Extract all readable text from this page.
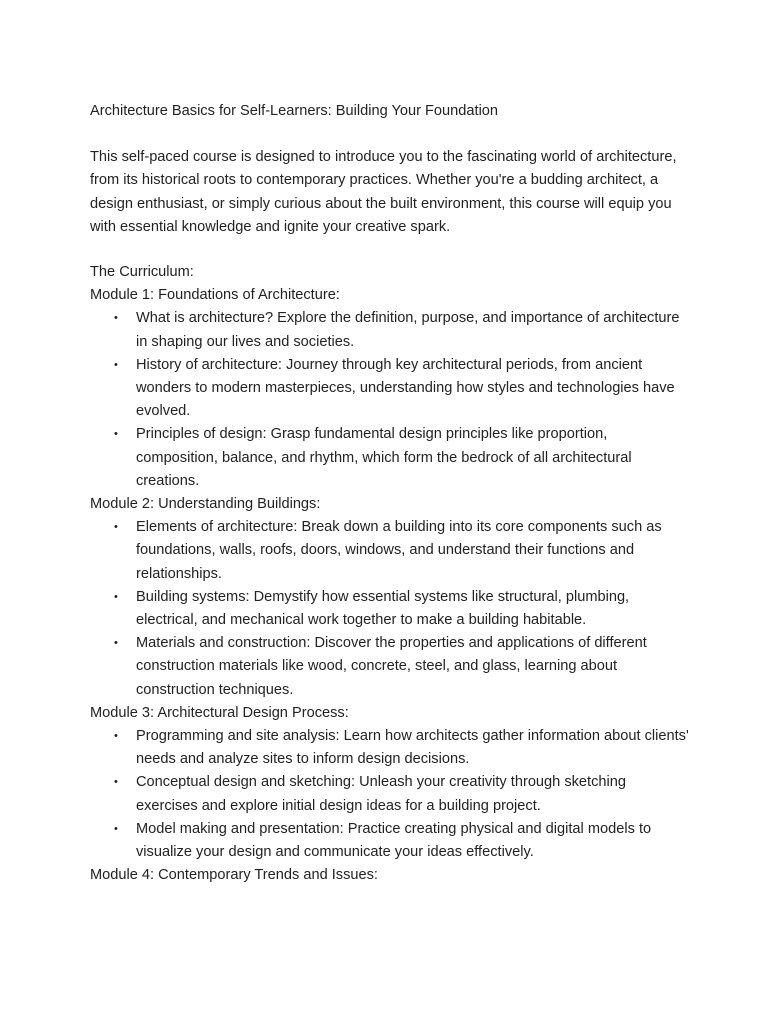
Architecture Basics for Self-Learners: Building Your Foundation

This self-paced course is designed to introduce you to the fascinating world of architecture, from its historical roots to contemporary practices. Whether you're a budding architect, a design enthusiast, or simply curious about the built environment, this course will equip you with essential knowledge and ignite your creative spark.

The Curriculum:

Module 1: Foundations of Architecture:
• What is architecture? Explore the definition, purpose, and importance of architecture in shaping our lives and societies.
• History of architecture: Journey through key architectural periods, from ancient wonders to modern masterpieces, understanding how styles and technologies have evolved.
• Principles of design: Grasp fundamental design principles like proportion, composition, balance, and rhythm, which form the bedrock of all architectural creations.
Module 2: Understanding Buildings:
• Elements of architecture: Break down a building into its core components such as foundations, walls, roofs, doors, windows, and understand their functions and relationships.
• Building systems: Demystify how essential systems like structural, plumbing, electrical, and mechanical work together to make a building habitable.
• Materials and construction: Discover the properties and applications of different construction materials like wood, concrete, steel, and glass, learning about construction techniques.
Module 3: Architectural Design Process:
• Programming and site analysis: Learn how architects gather information about clients' needs and analyze sites to inform design decisions.
• Conceptual design and sketching: Unleash your creativity through sketching exercises and explore initial design ideas for a building project.
• Model making and presentation: Practice creating physical and digital models to visualize your design and communicate your ideas effectively.
Module 4: Contemporary Trends and Issues:
